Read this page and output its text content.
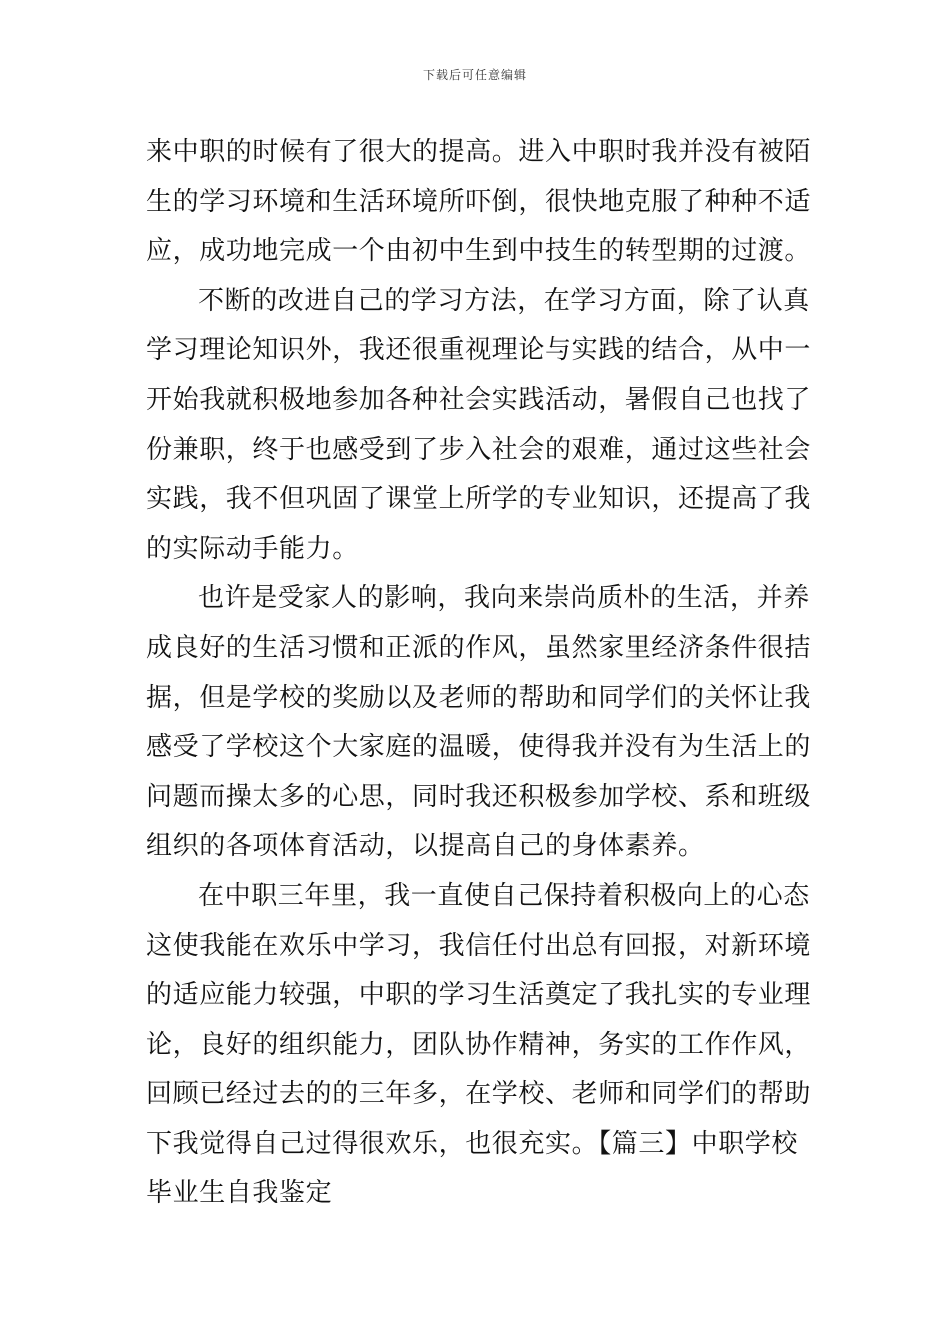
下载后可任意编辑
来中职的时候有了很大的提高。进入中职时我并没有被陌
生的学习环境和生活环境所吓倒，很快地克服了种种不适
应，成功地完成一个由初中生到中技生的转型期的过渡。
不断的改进自己的学习方法，在学习方面，除了认真
学习理论知识外，我还很重视理论与实践的结合，从中一
开始我就积极地参加各种社会实践活动，暑假自己也找了
份兼职，终于也感受到了步入社会的艰难，通过这些社会
实践，我不但巩固了课堂上所学的专业知识，还提高了我
的实际动手能力。
也许是受家人的影响，我向来崇尚质朴的生活，并养
成良好的生活习惯和正派的作风，虽然家里经济条件很拮
据，但是学校的奖励以及老师的帮助和同学们的关怀让我
感受了学校这个大家庭的温暖，使得我并没有为生活上的
问题而操太多的心思，同时我还积极参加学校、系和班级
组织的各项体育活动，以提高自己的身体素养。
在中职三年里，我一直使自己保持着积极向上的心态
这使我能在欢乐中学习，我信任付出总有回报，对新环境
的适应能力较强，中职的学习生活奠定了我扎实的专业理
论，良好的组织能力，团队协作精神，务实的工作作风，
回顾已经过去的的三年多，在学校、老师和同学们的帮助
下我觉得自己过得很欢乐，也很充实。【篇三】中职学校
毕业生自我鉴定
